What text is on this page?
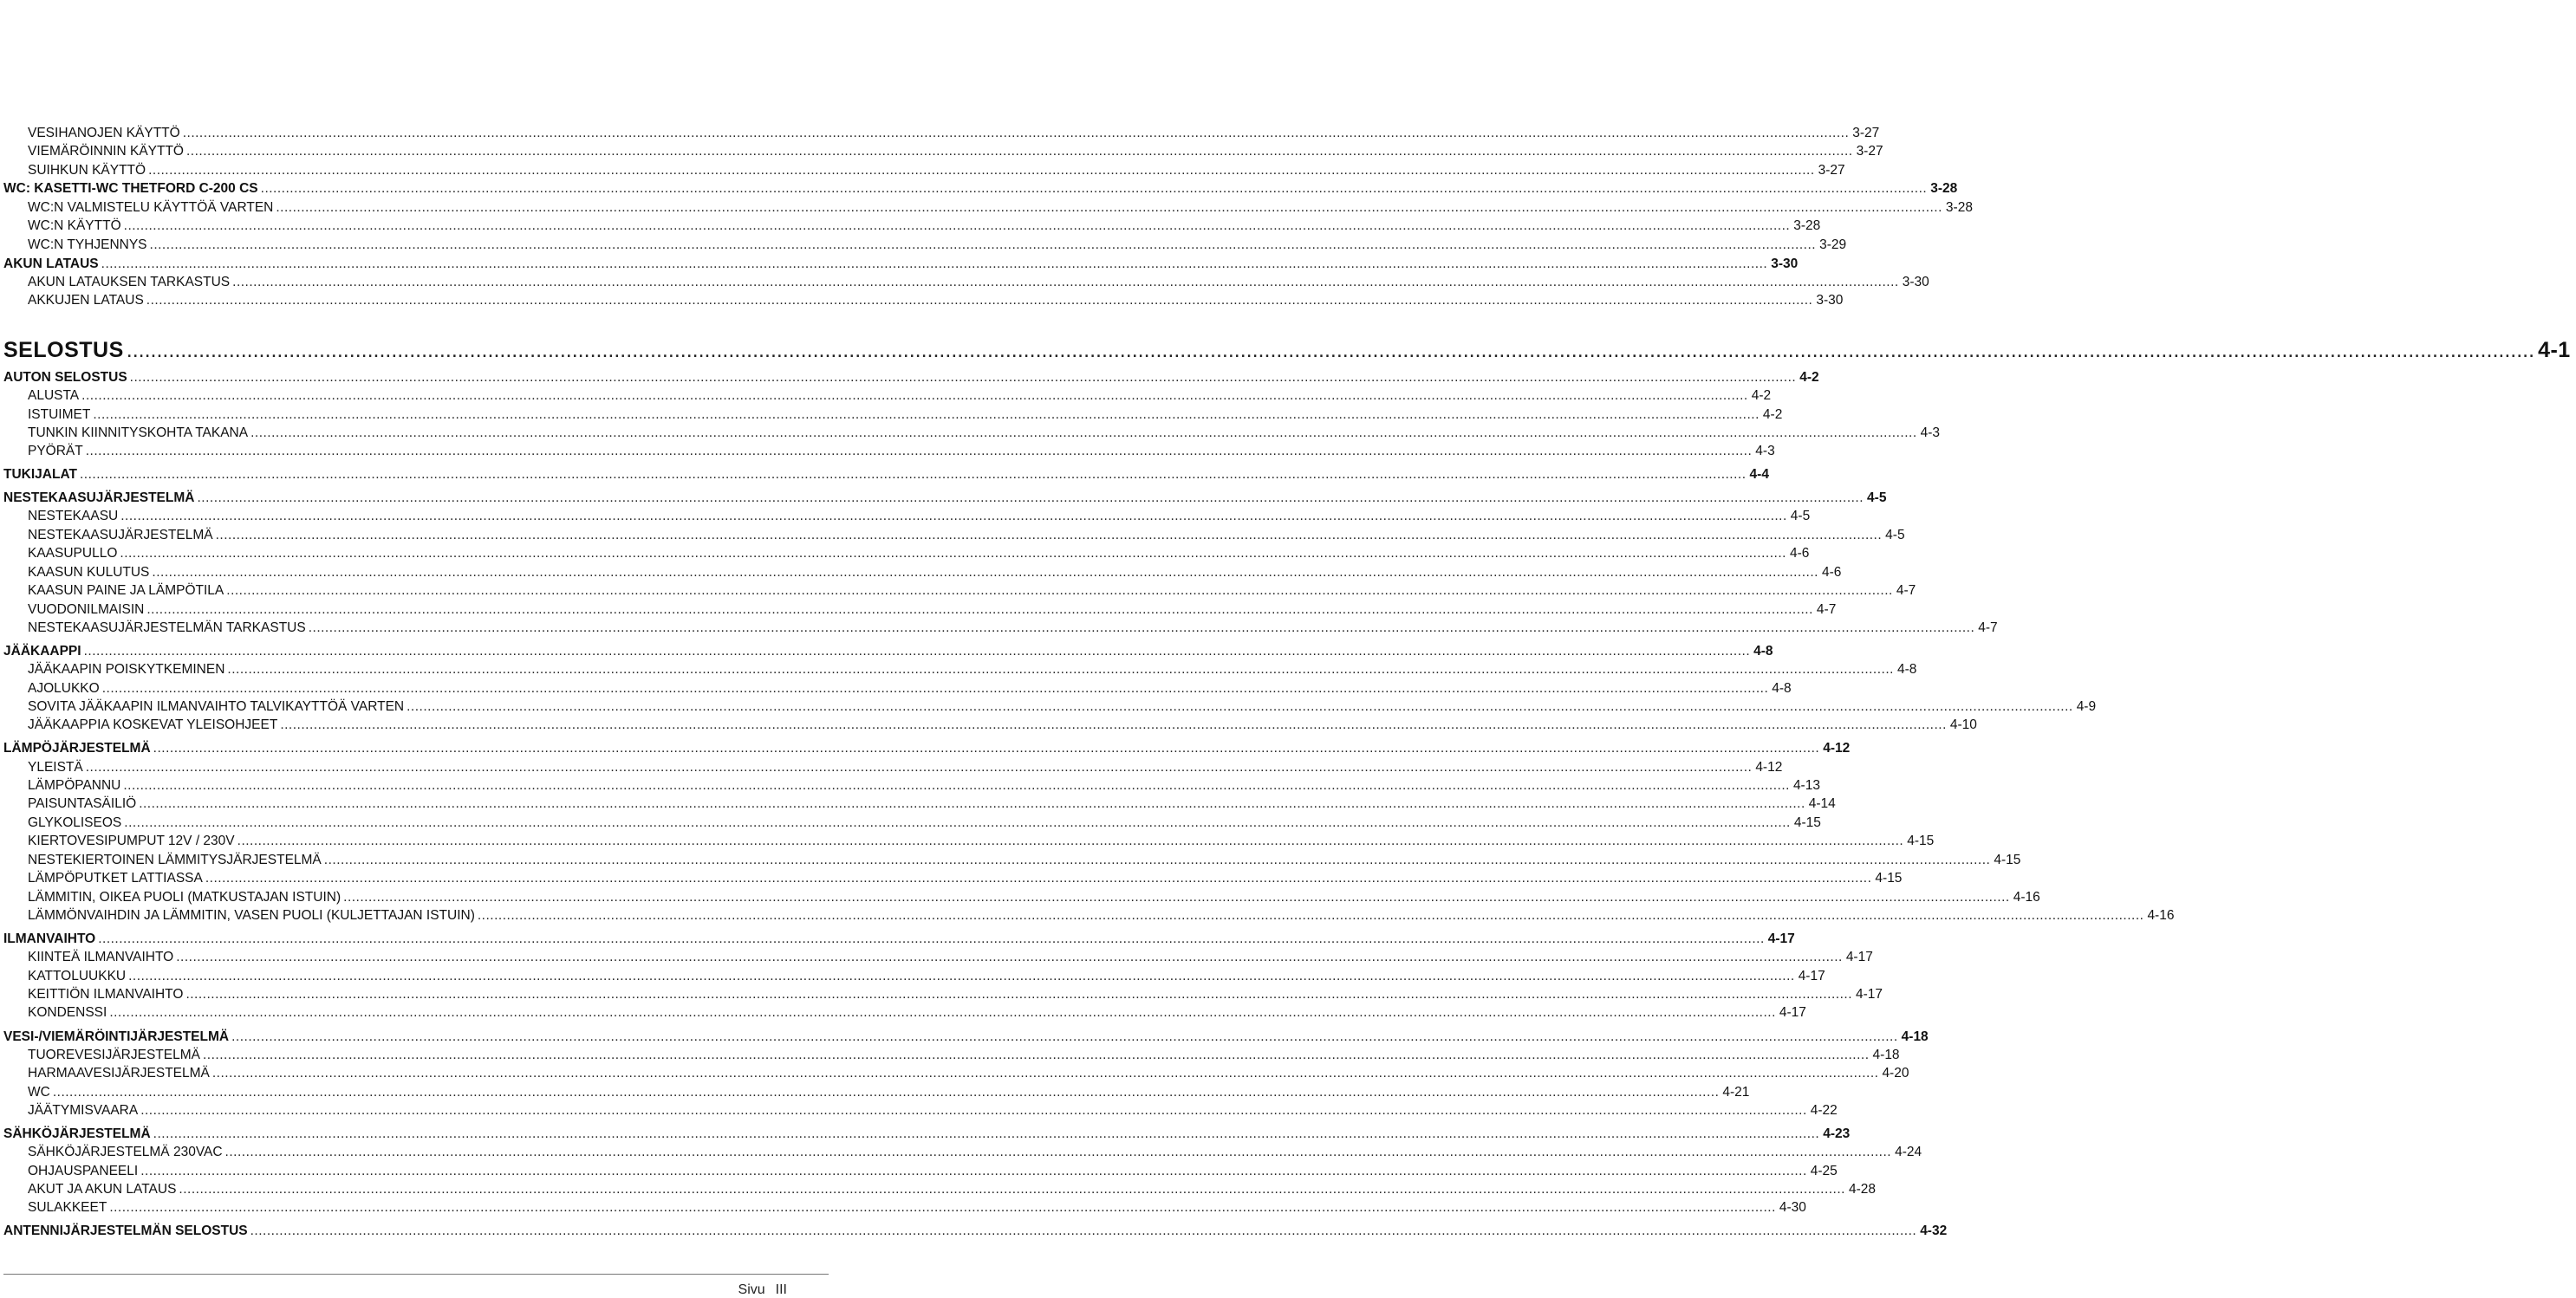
VESIHANOJEN KÄYTTÖ ................................................................................................................................................................................................................................................................................................................................................................................................................ 3-27
VIEMÄRÖINNIN KÄYTTÖ ................................................................................................................................................................................................................................................................................................................................................................................................................ 3-27
SUIHKUN KÄYTTÖ ................................................................................................................................................................................................................................................................................................................................................................................................................ 3-27
WC: KASETTI-WC THETFORD C-200 CS ................................................................................................................................................................................................................................................................................................................................................................................................................ 3-28
WC:N VALMISTELU KÄYTTÖÄ VARTEN ................................................................................................................................................................................................................................................................................................................................................................................................................ 3-28
WC:N KÄYTTÖ ................................................................................................................................................................................................................................................................................................................................................................................................................ 3-28
WC:N TYHJENNYS ................................................................................................................................................................................................................................................................................................................................................................................................................ 3-29
AKUN LATAUS ................................................................................................................................................................................................................................................................................................................................................................................................................ 3-30
AKUN LATAUKSEN TARKASTUS ................................................................................................................................................................................................................................................................................................................................................................................................................ 3-30
AKKUJEN LATAUS ................................................................................................................................................................................................................................................................................................................................................................................................................ 3-30
SELOSTUS ................................................................................................................................................................................................................................................................................................................................................................................................................ 4-1
AUTON SELOSTUS ................................................................................................................................................................................................................................................................................................................................................................................................................ 4-2
ALUSTA ................................................................................................................................................................................................................................................................................................................................................................................................................ 4-2
ISTUIMET ................................................................................................................................................................................................................................................................................................................................................................................................................ 4-2
TUNKIN KIINNITYSKOHTA TAKANA ................................................................................................................................................................................................................................................................................................................................................................................................................ 4-3
PYÖRÄT ................................................................................................................................................................................................................................................................................................................................................................................................................ 4-3
TUKIJALAT ................................................................................................................................................................................................................................................................................................................................................................................................................ 4-4
NESTEKAASUJÄRJESTELMÄ ................................................................................................................................................................................................................................................................................................................................................................................................................ 4-5
NESTEKAASU ................................................................................................................................................................................................................................................................................................................................................................................................................ 4-5
NESTEKAASUJÄRJESTELMÄ ................................................................................................................................................................................................................................................................................................................................................................................................................ 4-5
KAASUPULLO ................................................................................................................................................................................................................................................................................................................................................................................................................ 4-6
KAASUN KULUTUS ................................................................................................................................................................................................................................................................................................................................................................................................................ 4-6
KAASUN PAINE JA LÄMPÖTILA ................................................................................................................................................................................................................................................................................................................................................................................................................ 4-7
VUODONILMAISIN ................................................................................................................................................................................................................................................................................................................................................................................................................ 4-7
NESTEKAASUJÄRJESTELMÄN TARKASTUS ................................................................................................................................................................................................................................................................................................................................................................................................................ 4-7
JÄÄKAAPPI ................................................................................................................................................................................................................................................................................................................................................................................................................ 4-8
JÄÄKAAPIN POISKYTKEMINEN ................................................................................................................................................................................................................................................................................................................................................................................................................ 4-8
AJOLUKKO ................................................................................................................................................................................................................................................................................................................................................................................................................ 4-8
SOVITA JÄÄKAAPIN ILMANVAIHTO TALVIKAYTTÖÄ VARTEN ................................................................................................................................................................................................................................................................................................................................................................................................................ 4-9
JÄÄKAAPPIA KOSKEVAT YLEISOHJEET ................................................................................................................................................................................................................................................................................................................................................................................................................ 4-10
LÄMPÖJÄRJESTELMÄ ................................................................................................................................................................................................................................................................................................................................................................................................................ 4-12
YLEISTÄ ................................................................................................................................................................................................................................................................................................................................................................................................................ 4-12
LÄMPÖPANNU ................................................................................................................................................................................................................................................................................................................................................................................................................ 4-13
PAISUNTASÄILIÖ ................................................................................................................................................................................................................................................................................................................................................................................................................ 4-14
GLYKOLISEOS ................................................................................................................................................................................................................................................................................................................................................................................................................ 4-15
KIERTOVESIPUMPUT 12V / 230V ................................................................................................................................................................................................................................................................................................................................................................................................................ 4-15
NESTEKIERTOINEN LÄMMITYSJÄRJESTELMÄ ................................................................................................................................................................................................................................................................................................................................................................................................................ 4-15
LÄMPÖPUTKET LATTIASSA ................................................................................................................................................................................................................................................................................................................................................................................................................ 4-15
LÄMMITIN, OIKEA PUOLI (MATKUSTAJAN ISTUIN) ................................................................................................................................................................................................................................................................................................................................................................................................................ 4-16
LÄMMÖNVAIHDIN JA LÄMMITIN, VASEN PUOLI (KULJETTAJAN ISTUIN) ................................................................................................................................................................................................................................................................................................................................................................................................................ 4-16
ILMANVAIHTO ................................................................................................................................................................................................................................................................................................................................................................................................................ 4-17
KIINTEÄ ILMANVAIHTO ................................................................................................................................................................................................................................................................................................................................................................................................................ 4-17
KATTOLUUKKU ................................................................................................................................................................................................................................................................................................................................................................................................................ 4-17
KEITTIÖN ILMANVAIHTO ................................................................................................................................................................................................................................................................................................................................................................................................................ 4-17
KONDENSSI ................................................................................................................................................................................................................................................................................................................................................................................................................ 4-17
VESI-/VIEMÄRÖINTIJÄRJESTELMÄ ................................................................................................................................................................................................................................................................................................................................................................................................................ 4-18
TUOREVESIJÄRJESTELMÄ ................................................................................................................................................................................................................................................................................................................................................................................................................ 4-18
HARMAAVESIJÄRJESTELMÄ ................................................................................................................................................................................................................................................................................................................................................................................................................ 4-20
WC ................................................................................................................................................................................................................................................................................................................................................................................................................ 4-21
JÄÄTYMISVAARA ................................................................................................................................................................................................................................................................................................................................................................................................................ 4-22
SÄHKÖJÄRJESTELMÄ ................................................................................................................................................................................................................................................................................................................................................................................................................ 4-23
SÄHKÖJÄRJESTELMÄ 230VAC ................................................................................................................................................................................................................................................................................................................................................................................................................ 4-24
OHJAUSPANEELI ................................................................................................................................................................................................................................................................................................................................................................................................................ 4-25
AKUT JA AKUN LATAUS ................................................................................................................................................................................................................................................................................................................................................................................................................ 4-28
SULAKKEET ................................................................................................................................................................................................................................................................................................................................................................................................................ 4-30
ANTENNIJÄRJESTELMÄN SELOSTUS ................................................................................................................................................................................................................................................................................................................................................................................................................ 4-32
Sivu III
